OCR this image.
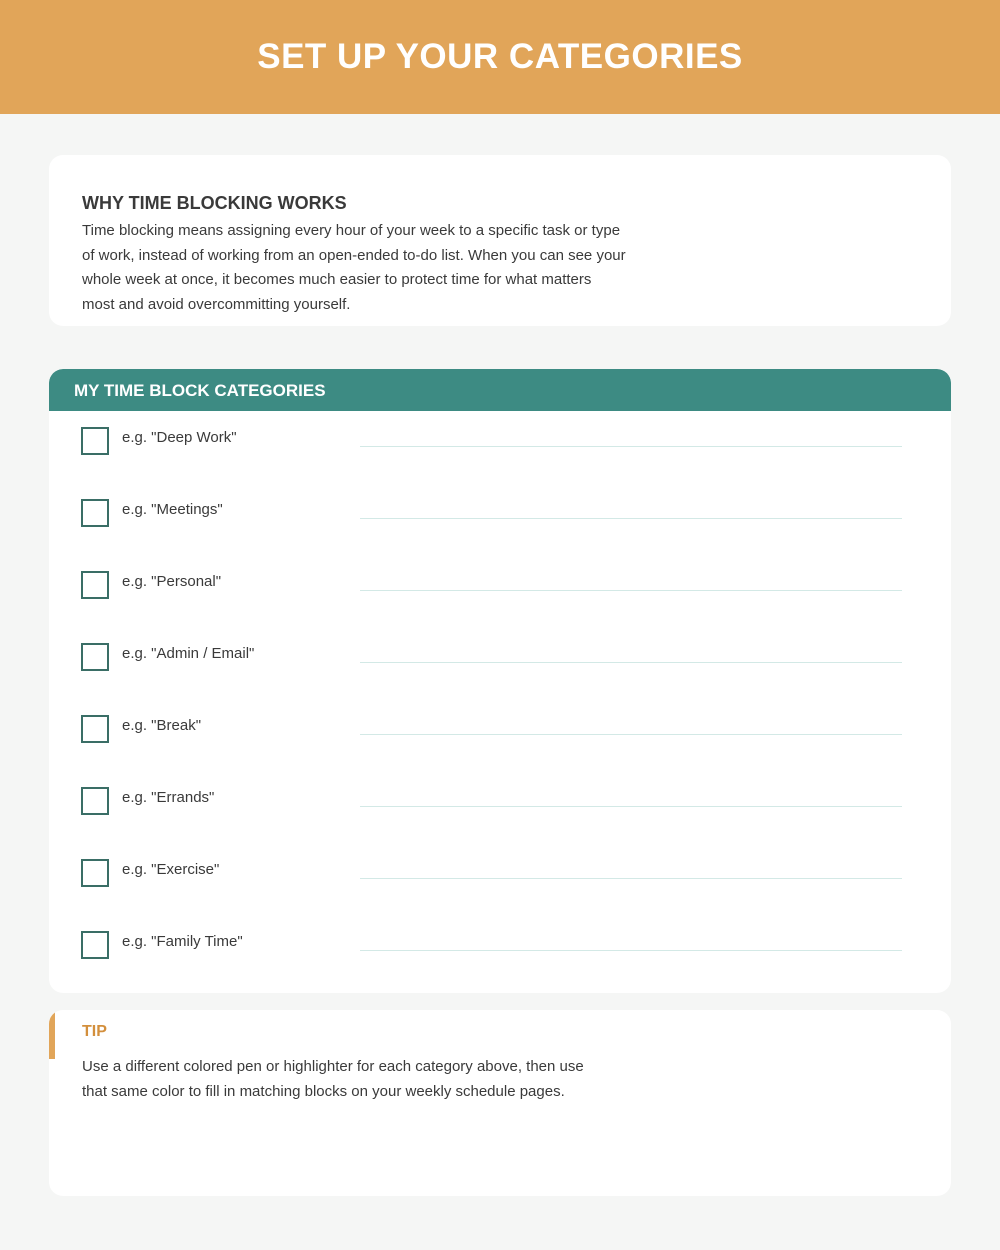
SET UP YOUR CATEGORIES
WHY TIME BLOCKING WORKS
Time blocking means assigning every hour of your week to a specific task or type of work, instead of working from an open-ended to-do list. When you can see your whole week at once, it becomes much easier to protect time for what matters most and avoid overcommitting yourself.
MY TIME BLOCK CATEGORIES
e.g. "Deep Work"
e.g. "Meetings"
e.g. "Personal"
e.g. "Admin / Email"
e.g. "Break"
e.g. "Errands"
e.g. "Exercise"
e.g. "Family Time"
TIP
Use a different colored pen or highlighter for each category above, then use that same color to fill in matching blocks on your weekly schedule pages.
